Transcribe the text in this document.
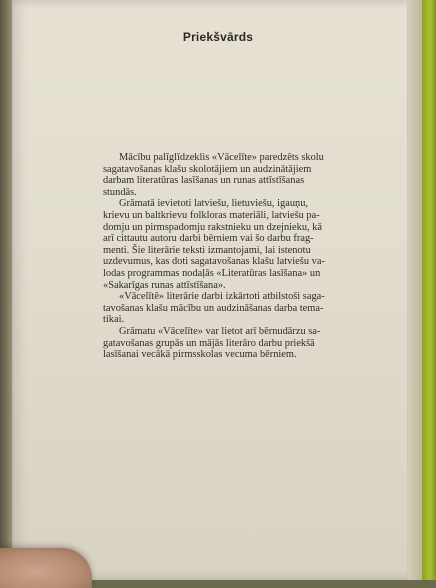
Priekšvārds
Mācību palīglīdzeklis «Vācelīte» paredzēts skolu
sagatavošanas klašu skolotājiem un audzinātājiem
darbam literatūras lasīšanas un runas attīstīšanas
stundās.
Grāmatā ievietoti latviešu, lietuviešu, igauņu,
krievu un baltkrievu folkloras materiāli, latviešu pa-
domju un pirmspadomju rakstnieku un dzejnieku, kā
arī cittautu autoru darbi bērniem vai šo darbu frag-
menti. Šie literārie teksti izmantojami, lai istenotu
uzdevumus, kas doti sagatavošanas klašu latviešu va-
lodas programmas nodaļās «Literatūras lasīšana» un
«Sakarīgas runas attīstīšana».
«Vācelītē» literārie darbi izkārtoti atbilstoši saga-
tavošanas klašu mācību un audzināšanas darba tema-
tikai.
Grāmatu «Vācelīte» var lietot arī bērnudārzu sa-
gatavošanas grupās un mājās literāro darbu priekšā
lasīšanai vecākā pirmsskolas vecuma bērniem.
